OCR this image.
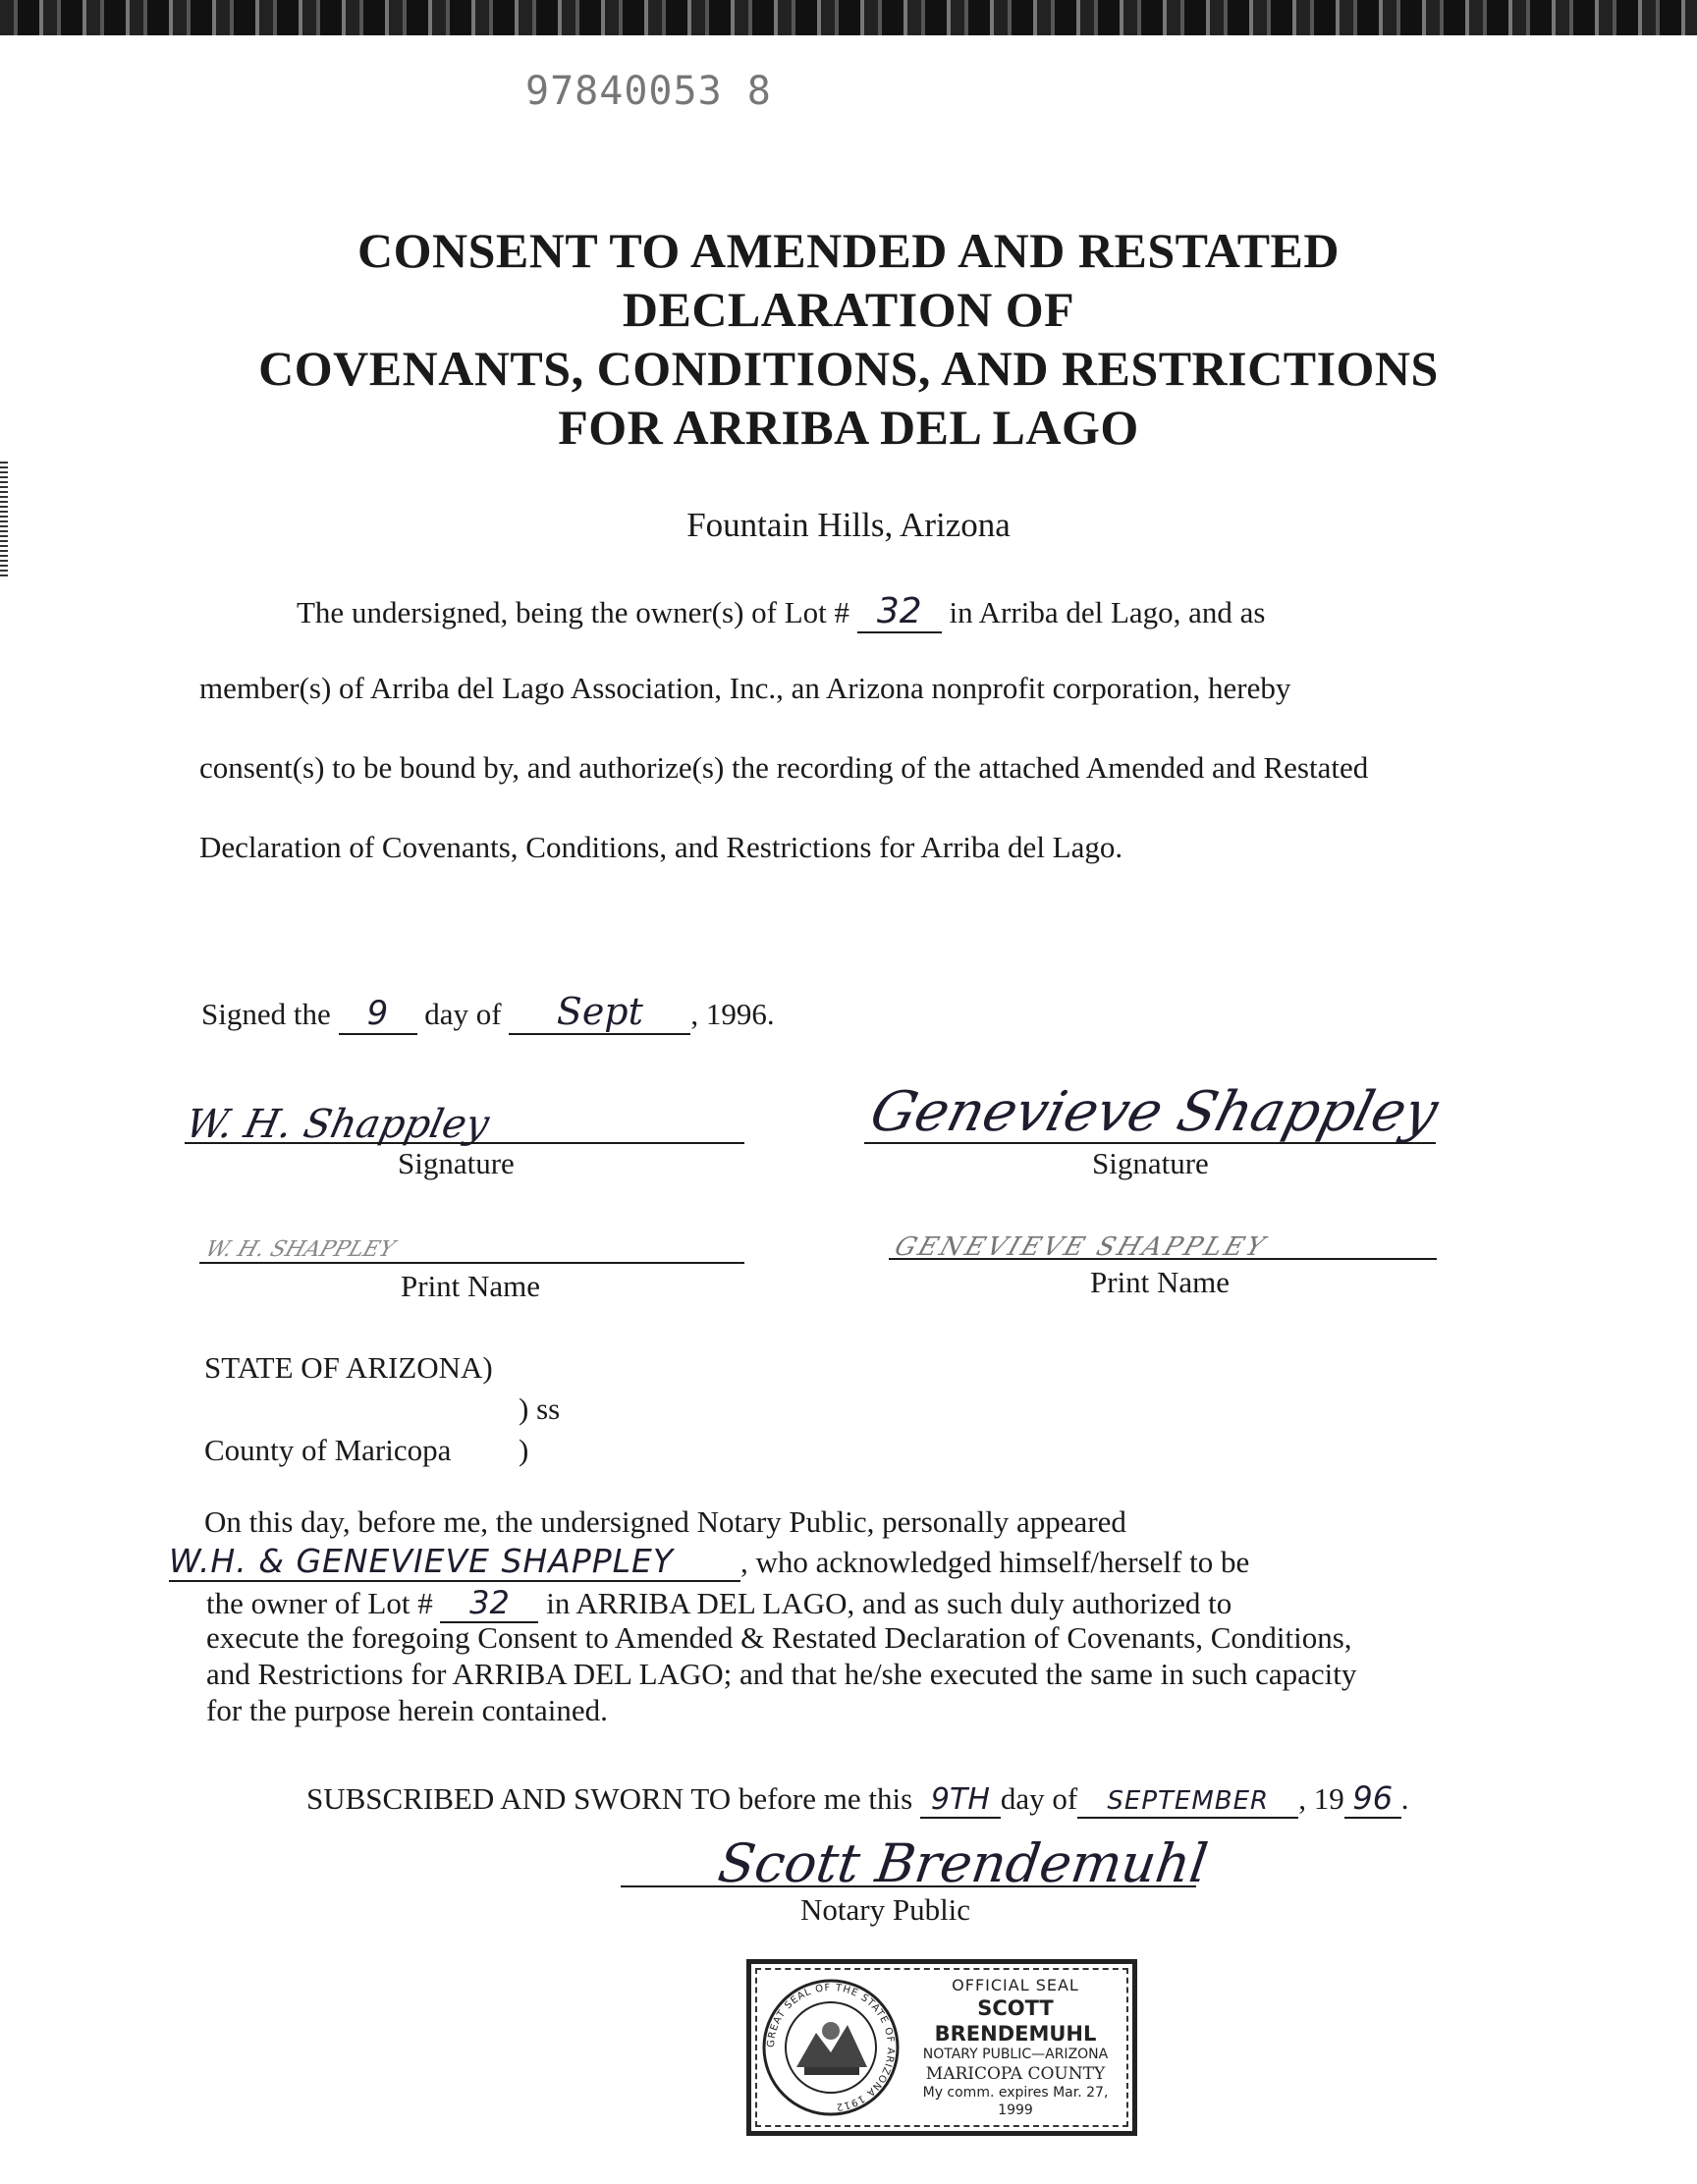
97840053 8
CONSENT TO AMENDED AND RESTATED
DECLARATION OF
COVENANTS, CONDITIONS, AND RESTRICTIONS
FOR ARRIBA DEL LAGO
Fountain Hills, Arizona
The undersigned, being the owner(s) of Lot # 32 in Arriba del Lago, and as
member(s) of Arriba del Lago Association, Inc., an Arizona nonprofit corporation, hereby
consent(s) to be bound by, and authorize(s) the recording of the attached Amended and Restated
Declaration of Covenants, Conditions, and Restrictions for Arriba del Lago.
Signed the 9 day of Sept , 1996.
W. H. Shappley
Signature
Genevieve Shappley
Signature
W. H. SHAPPLEY
Print Name
GENEVIEVE SHAPPLEY
Print Name
STATE OF ARIZONA)
) ss
County of Maricopa )
On this day, before me, the undersigned Notary Public, personally appeared
W.H. & GENEVIEVE SHAPPLEY , who acknowledged himself/herself to be
the owner of Lot # 32 in ARRIBA DEL LAGO, and as such duly authorized to
execute the foregoing Consent to Amended & Restated Declaration of Covenants, Conditions,
and Restrictions for ARRIBA DEL LAGO; and that he/she executed the same in such capacity
for the purpose herein contained.
SUBSCRIBED AND SWORN TO before me this 9TH day of SEPTEMBER , 19 96 .
Scott Brendemuhl
Notary Public
GREAT SEAL OF THE STATE OF ARIZONA 1912
OFFICIAL SEAL
SCOTT BRENDEMUHL
NOTARY PUBLIC—ARIZONA
MARICOPA COUNTY
My comm. expires Mar. 27, 1999
